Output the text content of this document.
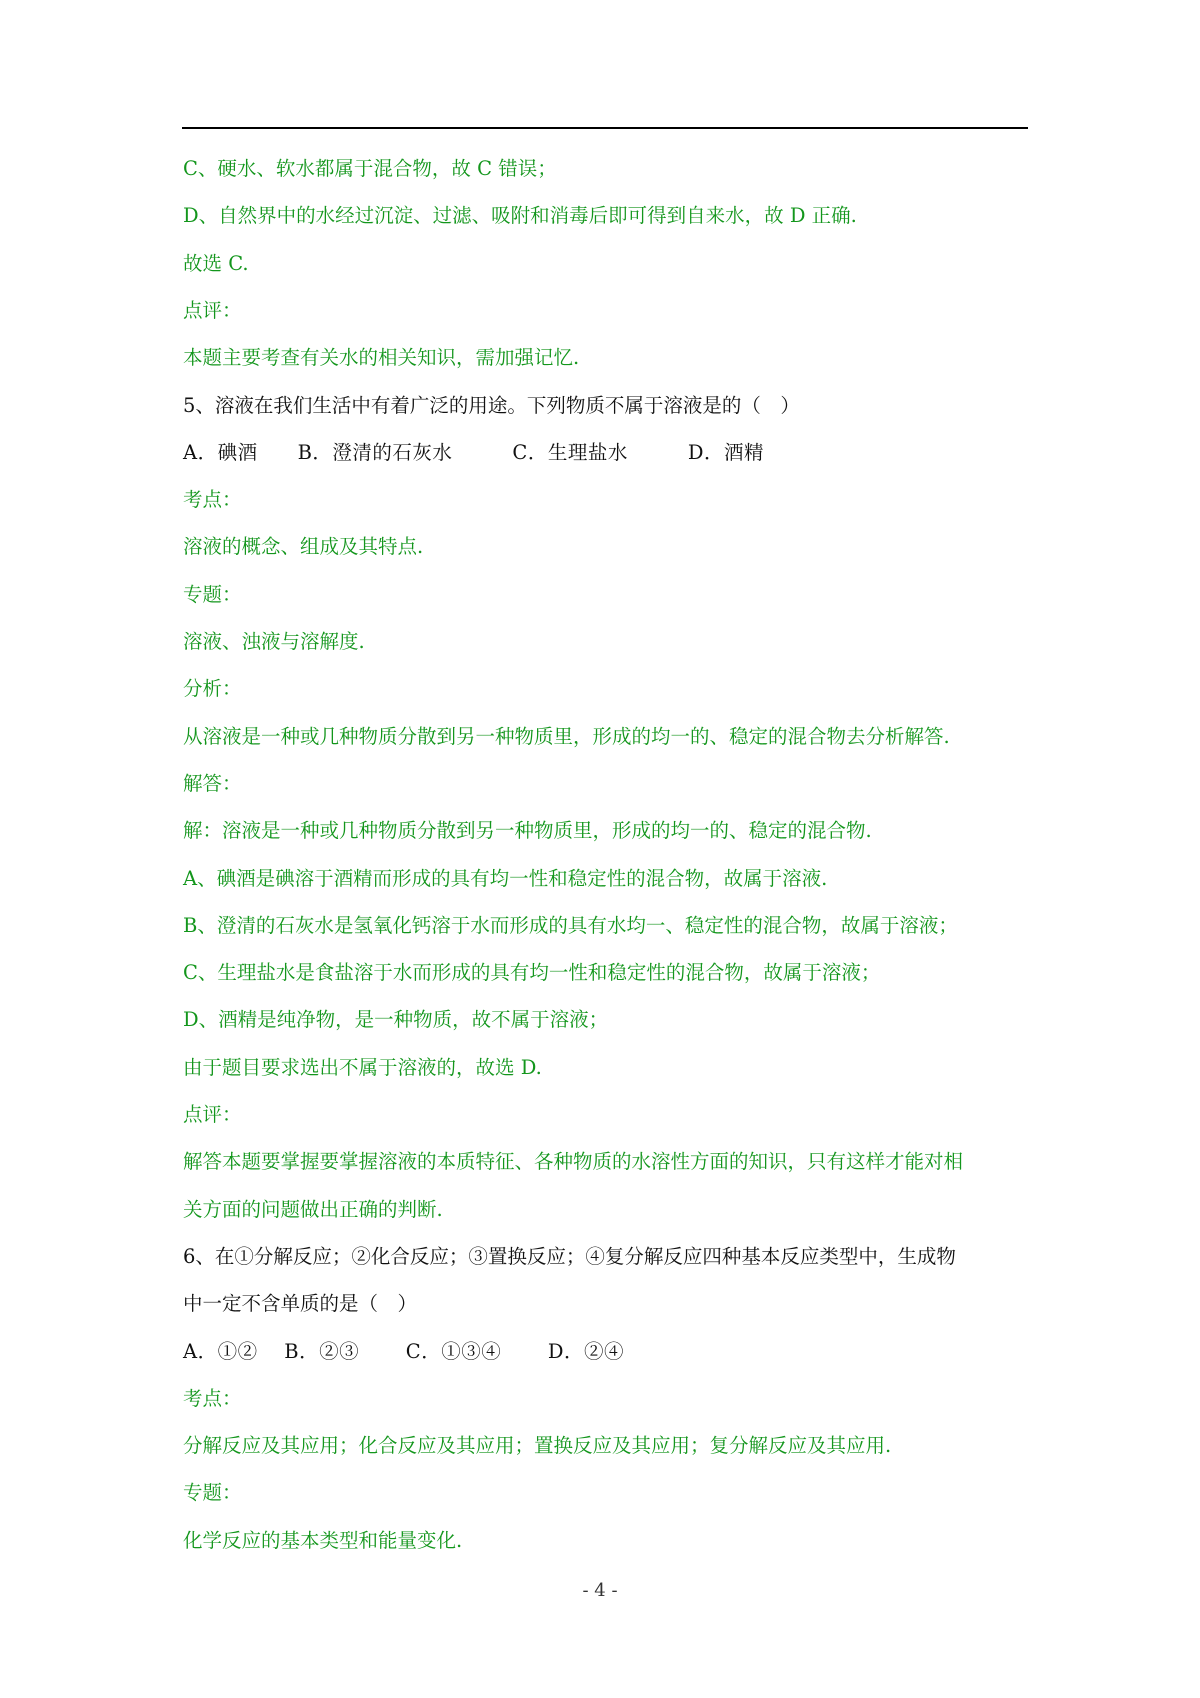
C、硬水、软水都属于混合物，故 C 错误；
D、自然界中的水经过沉淀、过滤、吸附和消毒后即可得到自来水，故 D 正确.
故选 C.
点评：
本题主要考查有关水的相关知识，需加强记忆.
5、溶液在我们生活中有着广泛的用途。下列物质不属于溶液是的（　）
A．碘酒　　B．澄清的石灰水　　　C．生理盐水　　　D．酒精
考点：
溶液的概念、组成及其特点.
专题：
溶液、浊液与溶解度.
分析：
从溶液是一种或几种物质分散到另一种物质里，形成的均一的、稳定的混合物去分析解答.
解答：
解：溶液是一种或几种物质分散到另一种物质里，形成的均一的、稳定的混合物.
A、碘酒是碘溶于酒精而形成的具有均一性和稳定性的混合物，故属于溶液.
B、澄清的石灰水是氢氧化钙溶于水而形成的具有水均一、稳定性的混合物，故属于溶液；
C、生理盐水是食盐溶于水而形成的具有均一性和稳定性的混合物，故属于溶液；
D、酒精是纯净物，是一种物质，故不属于溶液；
由于题目要求选出不属于溶液的，故选 D.
点评：
解答本题要掌握要掌握溶液的本质特征、各种物质的水溶性方面的知识，只有这样才能对相
关方面的问题做出正确的判断.
6、在①分解反应；②化合反应；③置换反应；④复分解反应四种基本反应类型中，生成物
中一定不含单质的是（　）
A．①②　 B．②③　　 C．①③④　　 D．②④
考点：
分解反应及其应用；化合反应及其应用；置换反应及其应用；复分解反应及其应用.
专题：
化学反应的基本类型和能量变化.
- 4 -
